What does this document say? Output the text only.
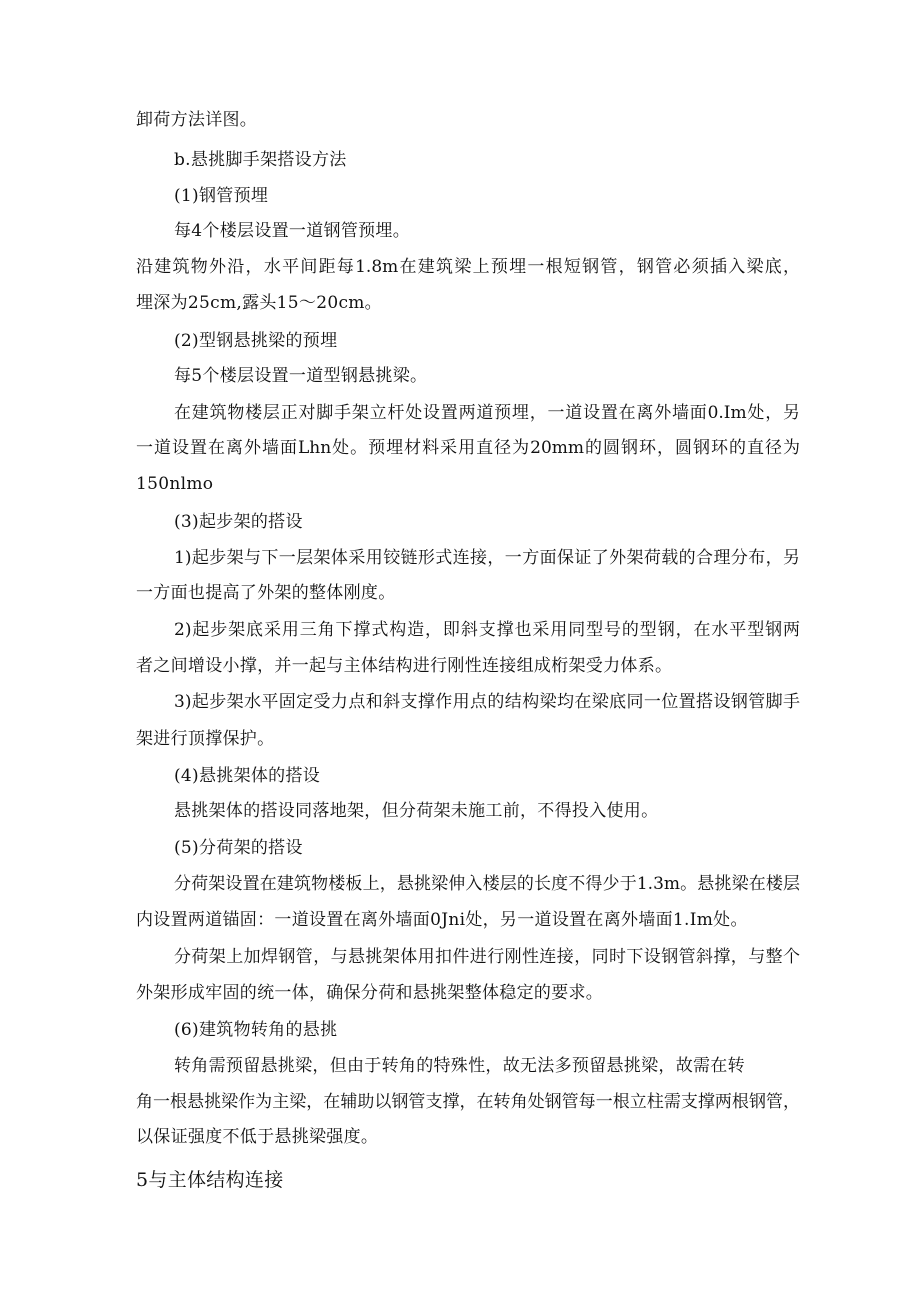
卸荷方法详图。
b.悬挑脚手架搭设方法
(1)钢管预埋
每4个楼层设置一道钢管预埋。
沿建筑物外沿，水平间距每1.8m在建筑梁上预埋一根短钢管，钢管必须插入梁底，
埋深为25cm,露头15～20cm。
(2)型钢悬挑梁的预埋
每5个楼层设置一道型钢悬挑梁。
在建筑物楼层正对脚手架立杆处设置两道预埋，一道设置在离外墙面0.Im处，另
一道设置在离外墙面Lhn处。预埋材料采用直径为20mm的圆钢环，圆钢环的直径为
150nlmo
(3)起步架的搭设
1)起步架与下一层架体采用铰链形式连接，一方面保证了外架荷载的合理分布，另
一方面也提高了外架的整体刚度。
2)起步架底采用三角下撑式构造，即斜支撑也采用同型号的型钢，在水平型钢两
者之间增设小撑，并一起与主体结构进行刚性连接组成桁架受力体系。
3)起步架水平固定受力点和斜支撑作用点的结构梁均在梁底同一位置搭设钢管脚手
架进行顶撑保护。
(4)悬挑架体的搭设
悬挑架体的搭设同落地架，但分荷架未施工前，不得投入使用。
(5)分荷架的搭设
分荷架设置在建筑物楼板上，悬挑梁伸入楼层的长度不得少于1.3m。悬挑梁在楼层
内设置两道锚固：一道设置在离外墙面0Jni处，另一道设置在离外墙面1.Im处。
分荷架上加焊钢管，与悬挑架体用扣件进行刚性连接，同时下设钢管斜撑，与整个
外架形成牢固的统一体，确保分荷和悬挑架整体稳定的要求。
(6)建筑物转角的悬挑
转角需预留悬挑梁，但由于转角的特殊性，故无法多预留悬挑梁，故需在转
角一根悬挑梁作为主梁，在辅助以钢管支撑，在转角处钢管每一根立柱需支撑两根钢管，
以保证强度不低于悬挑梁强度。
5与主体结构连接
